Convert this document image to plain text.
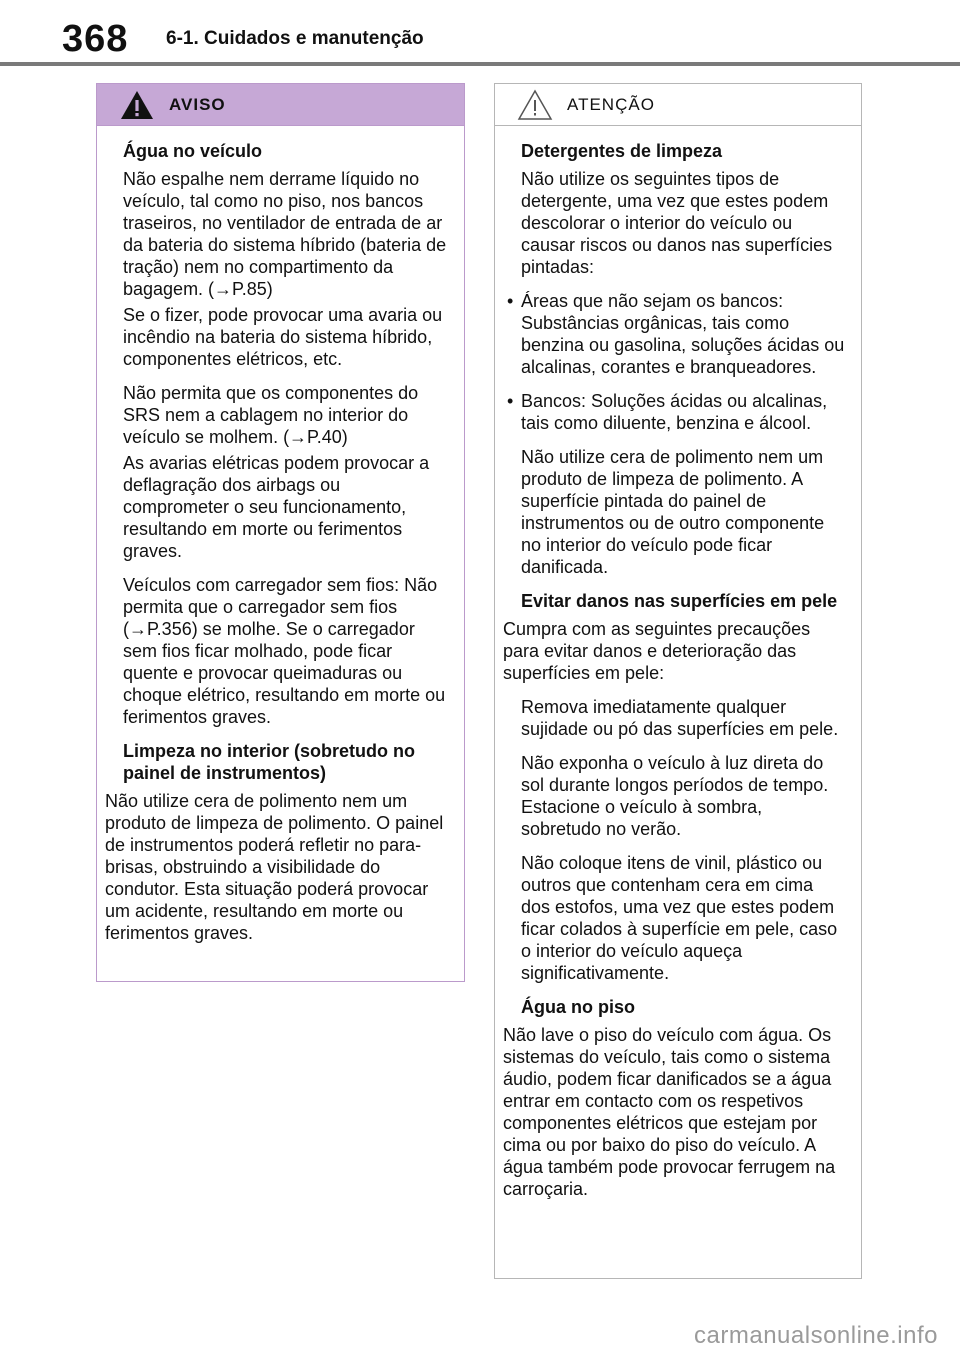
368 6-1. Cuidados e manutenção
AVISO
Água no veículo
Não espalhe nem derrame líquido no veículo, tal como no piso, nos bancos traseiros, no ventilador de entrada de ar da bateria do sistema híbrido (bateria de tração) nem no compartimento da bagagem. (→P.85)
Se o fizer, pode provocar uma avaria ou incêndio na bateria do sistema híbrido, componentes elétricos, etc.
Não permita que os componentes do SRS nem a cablagem no interior do veículo se molhem. (→P.40)
As avarias elétricas podem provocar a deflagração dos airbags ou comprometer o seu funcionamento, resultando em morte ou ferimentos graves.
Veículos com carregador sem fios: Não permita que o carregador sem fios (→P.356) se molhe. Se o carregador sem fios ficar molhado, pode ficar quente e provocar queimaduras ou choque elétrico, resultando em morte ou ferimentos graves.
Limpeza no interior (sobretudo no painel de instrumentos)
Não utilize cera de polimento nem um produto de limpeza de polimento. O painel de instrumentos poderá refletir no para-brisas, obstruindo a visibilidade do condutor. Esta situação poderá provocar um acidente, resultando em morte ou ferimentos graves.
ATENÇÃO
Detergentes de limpeza
Não utilize os seguintes tipos de detergente, uma vez que estes podem descolorar o interior do veículo ou causar riscos ou danos nas superfícies pintadas:
• Áreas que não sejam os bancos: Substâncias orgânicas, tais como benzina ou gasolina, soluções ácidas ou alcalinas, corantes e branqueadores.
• Bancos: Soluções ácidas ou alcalinas, tais como diluente, benzina e álcool.
Não utilize cera de polimento nem um produto de limpeza de polimento. A superfície pintada do painel de instrumentos ou de outro componente no interior do veículo pode ficar danificada.
Evitar danos nas superfícies em pele
Cumpra com as seguintes precauções para evitar danos e deterioração das superfícies em pele:
Remova imediatamente qualquer sujidade ou pó das superfícies em pele.
Não exponha o veículo à luz direta do sol durante longos períodos de tempo. Estacione o veículo à sombra, sobretudo no verão.
Não coloque itens de vinil, plástico ou outros que contenham cera em cima dos estofos, uma vez que estes podem ficar colados à superfície em pele, caso o interior do veículo aqueça significativamente.
Água no piso
Não lave o piso do veículo com água. Os sistemas do veículo, tais como o sistema áudio, podem ficar danificados se a água entrar em contacto com os respetivos componentes elétricos que estejam por cima ou por baixo do piso do veículo. A água também pode provocar ferrugem na carroçaria.
carmanualsonline.info
